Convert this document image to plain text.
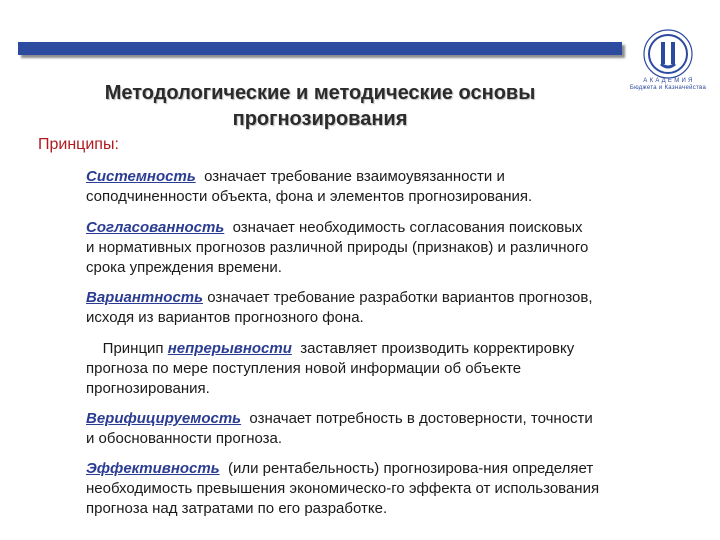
А К А Д Е М И Я
Бюджета и Казначейства
Методологические и методические основы
прогнозирования
Принципы:
Системность  означает требование взаимоувязанности и
соподчиненности объекта, фона и элементов прогнозирования.
Согласованность  означает необходимость согласования поисковых
и нормативных прогнозов различной природы (признаков) и различного
срока упреждения времени.
Вариантность означает требование разработки вариантов прогнозов,
исходя из вариантов прогнозного фона.
Принцип непрерывности  заставляет производить корректировку
прогноза по мере поступления новой информации об объекте
прогнозирования.
Верифицируемость  означает потребность в достоверности, точности
и обоснованности прогноза.
Эффективность  (или рентабельность) прогнозирова-ния определяет
необходимость превышения экономическо-го эффекта от использования
прогноза над затратами по его разработке.
